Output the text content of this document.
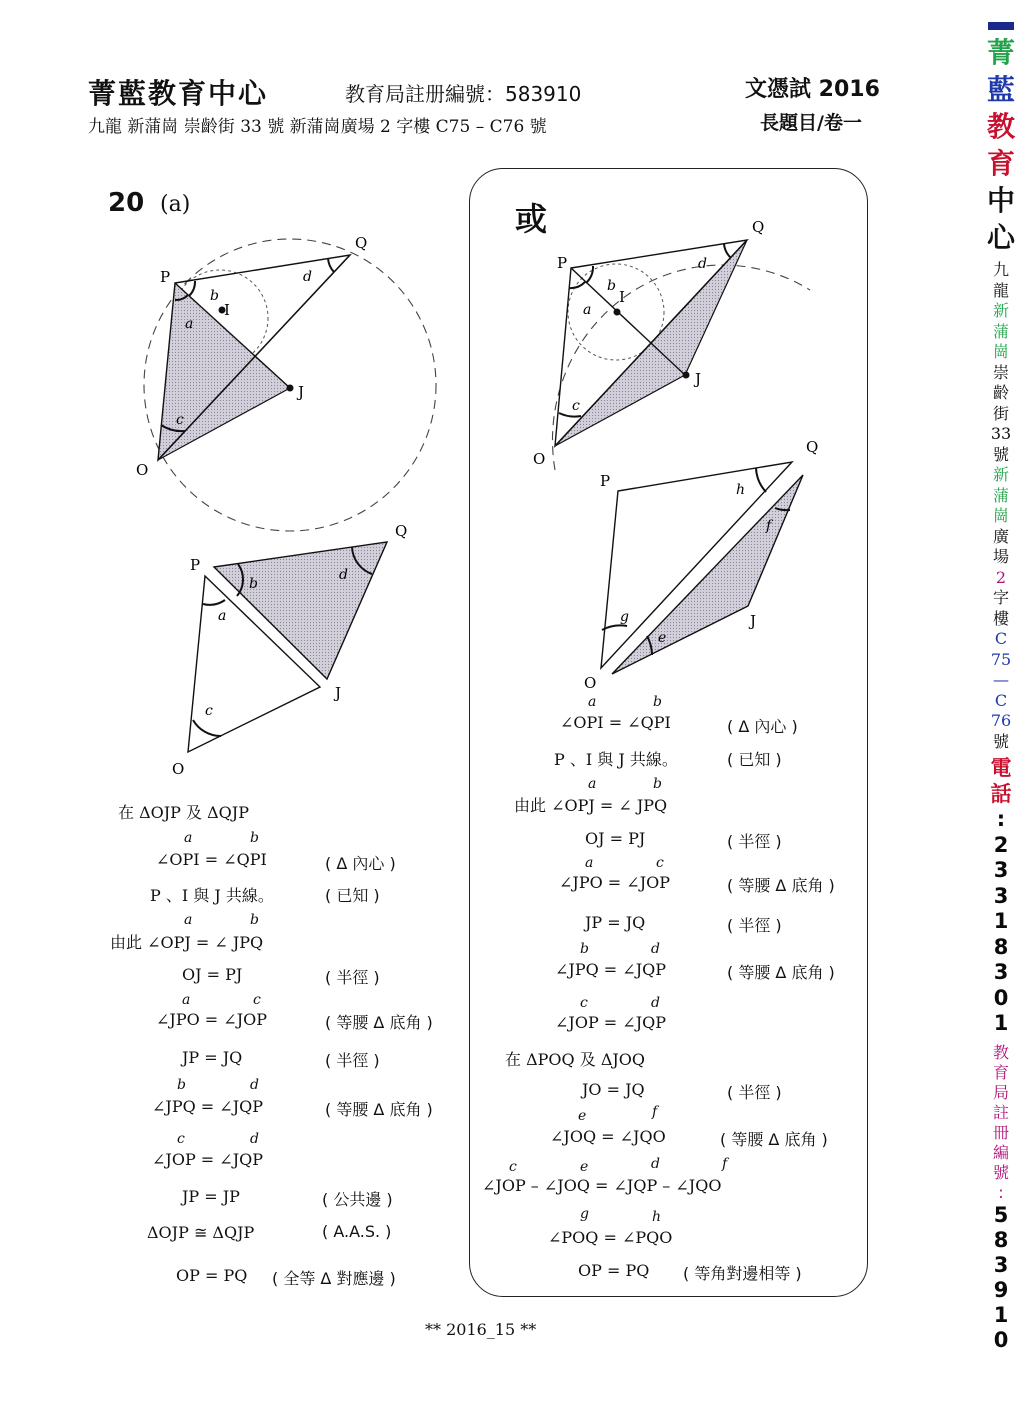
菁藍教育中心	教育局註册編號：583910	文憑試 2016
九龍 新蒲崗 崇齡街 33 號 新蒲崗廣場 2 字樓 C75 – C76 號	長題目/卷一
20 (a)	或
P
Q
I
J
O
a
b
c
d
P
Q
J
O
b
d
a
c
P
Q
I
J
O
a
b
c
d
P
Q
J
O
h
f
g
e
在 ΔOJP 及 ΔQJP
a	b
∠OPI = ∠QPI	( Δ 內心 )
P 、I 與 J 共線。	( 已知 )
a	b
由此 ∠OPJ = ∠ JPQ
OJ = PJ	( 半徑 )
a	c
∠JPO = ∠JOP	( 等腰 Δ 底角 )
JP = JQ	( 半徑 )
b	d
∠JPQ = ∠JQP	( 等腰 Δ 底角 )
c	d
∠JOP = ∠JQP
JP = JP	( 公共邊 )
ΔOJP ≅ ΔQJP	( A.A.S. )
OP = PQ ( 全等 Δ 對應邊 )
a	b
∠OPI = ∠QPI	( Δ 內心 )
P 、I 與 J 共線。	( 已知 )
a	b
由此 ∠OPJ = ∠ JPQ
OJ = PJ	( 半徑 )
a	c
∠JPO = ∠JOP	( 等腰 Δ 底角 )
JP = JQ	( 半徑 )
b	d
∠JPQ = ∠JQP	( 等腰 Δ 底角 )
c	d
∠JOP = ∠JQP
在 ΔPOQ 及 ΔJOQ
JO = JQ	( 半徑 )
e	f
∠JOQ = ∠JQO	( 等腰 Δ 底角 )
c	e	d	f
∠JOP – ∠JOQ = ∠JQP – ∠JQO
g	h
∠POQ = ∠PQO
OP = PQ ( 等角對邊相等 )
** 2016_15 **
菁
藍
教
育
中
心
九
龍
新
蒲
崗
崇
齡
街
33
號
新
蒲
崗
廣
場
2
字
樓
C
75
—
C
76
號
電
話
:
2
3
3
1
8
3
0
1
教
育
局
註
冊
編
號
:
5
8
3
9
1
0
